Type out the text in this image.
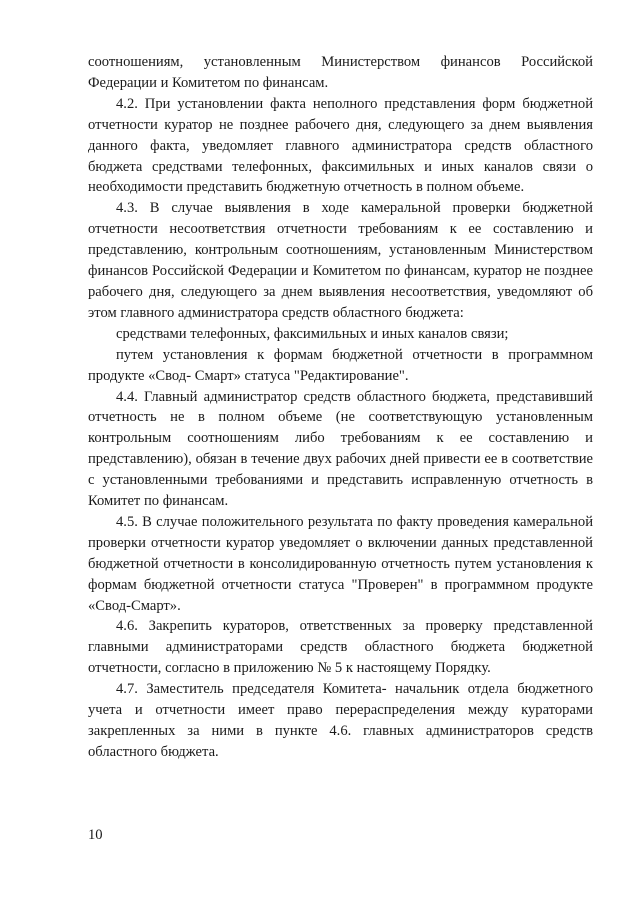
соотношениям, установленным Министерством финансов Российской Федерации и Комитетом по финансам.

4.2. При установлении факта неполного представления форм бюджетной отчетности куратор не позднее рабочего дня, следующего за днем выявления данного факта, уведомляет главного администратора средств областного бюджета средствами телефонных, факсимильных и иных каналов связи о необходимости представить бюджетную отчетность в полном объеме.

4.3. В случае выявления в ходе камеральной проверки бюджетной отчетности несоответствия отчетности требованиям к ее составлению и представлению, контрольным соотношениям, установленным Министерством финансов Российской Федерации и Комитетом по финансам, куратор не позднее рабочего дня, следующего за днем выявления несоответствия, уведомляют об этом главного администратора средств областного бюджета:

средствами телефонных, факсимильных и иных каналов связи;

путем установления к формам бюджетной отчетности в программном продукте «Свод- Смарт» статуса "Редактирование".

4.4. Главный администратор средств областного бюджета, представивший отчетность не в полном объеме (не соответствующую установленным контрольным соотношениям либо требованиям к ее составлению и представлению), обязан в течение двух рабочих дней привести ее в соответствие с установленными требованиями и представить исправленную отчетность в Комитет по финансам.

4.5. В случае положительного результата по факту проведения камеральной проверки отчетности куратор уведомляет о включении данных представленной бюджетной отчетности в консолидированную отчетность путем установления к формам бюджетной отчетности статуса "Проверен" в программном продукте «Свод-Смарт».

4.6. Закрепить кураторов, ответственных за проверку представленной главными администраторами средств областного бюджета бюджетной отчетности, согласно в приложению № 5 к настоящему Порядку.

4.7. Заместитель председателя Комитета- начальник отдела бюджетного учета и отчетности имеет право перераспределения между кураторами закрепленных за ними в пункте 4.6. главных администраторов средств областного бюджета.

10
